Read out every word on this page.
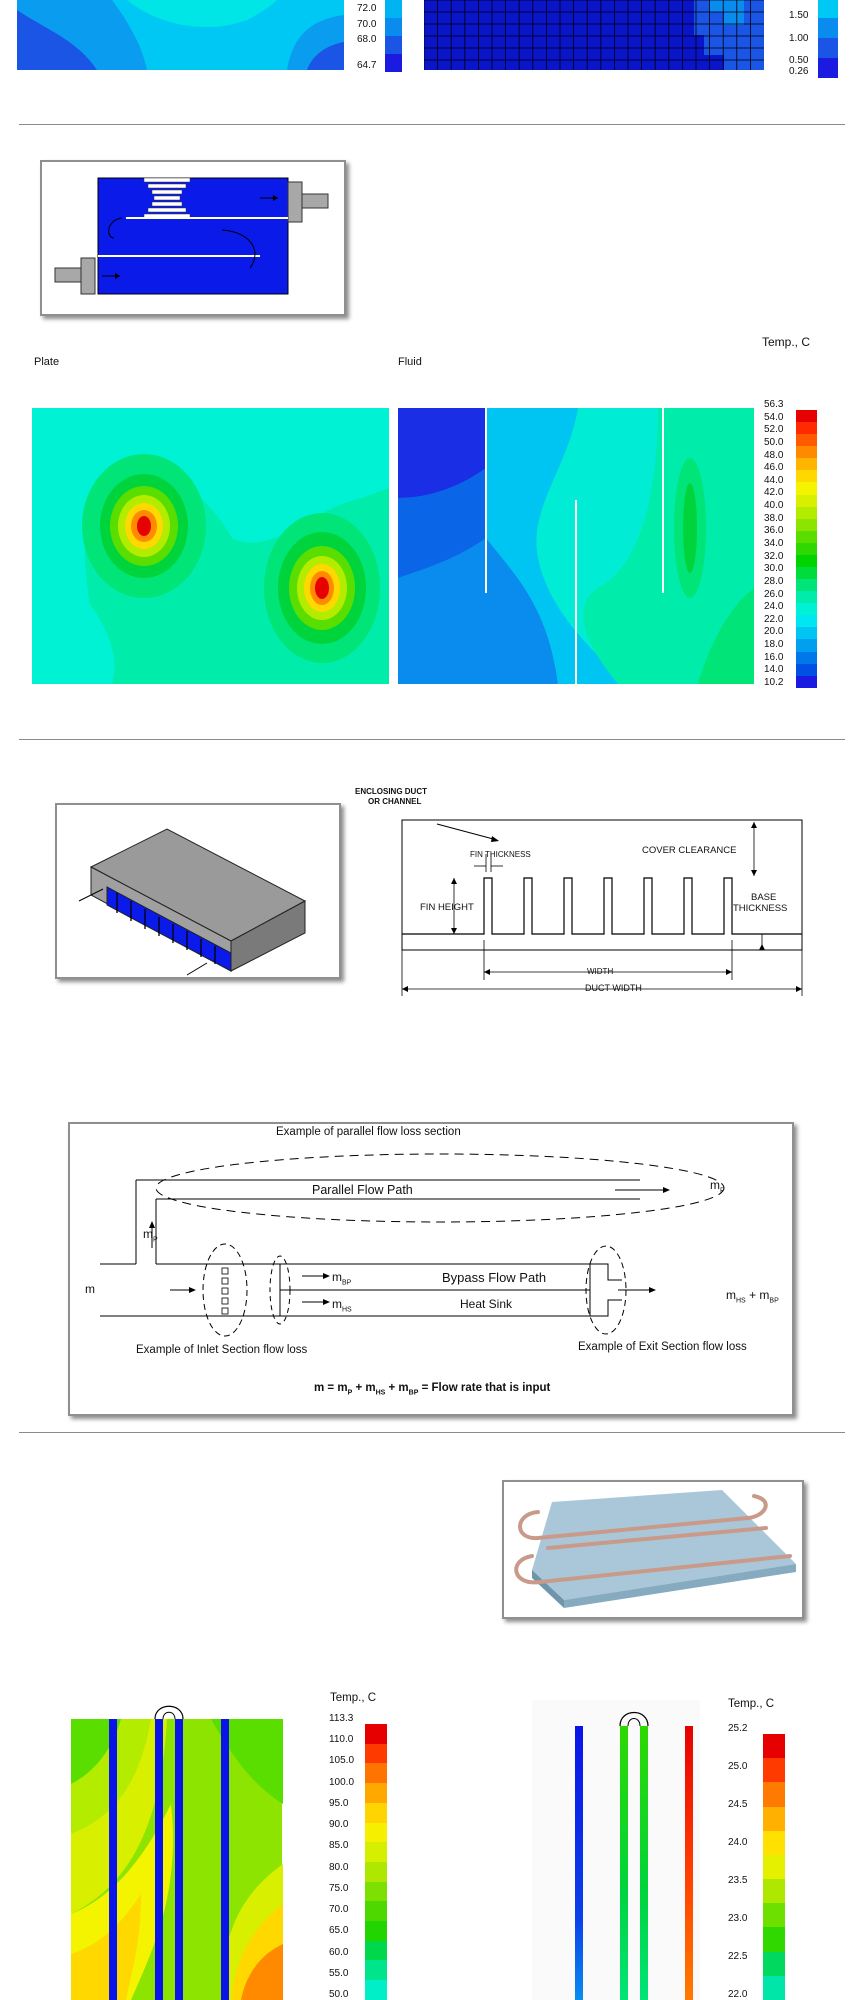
72.0
70.0
68.0
64.7
1.50
1.00
0.50
0.26
Plate	Fluid
Temp., C
56.3
54.0
52.0
50.0
48.0
46.0
44.0
42.0
40.0
38.0
36.0
34.0
32.0
30.0
28.0
26.0
24.0
22.0
20.0
18.0
16.0
14.0
10.2
ENCLOSING DUCT
OR CHANNEL
FIN THICKNESS	COVER CLEARANCE
FIN HEIGHT
BASE
THICKNESS
WIDTH
DUCT WIDTH
Example of parallel flow loss section
Parallel Flow Path	$m_P$
$m_P$
m
$m_{BP}$	Bypass Flow Path
$m_{HS}$	Heat Sink
$m_{HS} + m_{BP}$
Example of Inlet Section flow loss	Example of Exit Section flow loss
$m = m_P + m_{HS} + m_{BP}$ = Flow rate that is input
Temp., C
113.3
110.0
105.0
100.0
95.0
90.0
85.0
80.0
75.0
70.0
65.0
60.0
55.0
50.0
Temp., C
25.2
25.0
24.5
24.0
23.5
23.0
22.5
22.0
